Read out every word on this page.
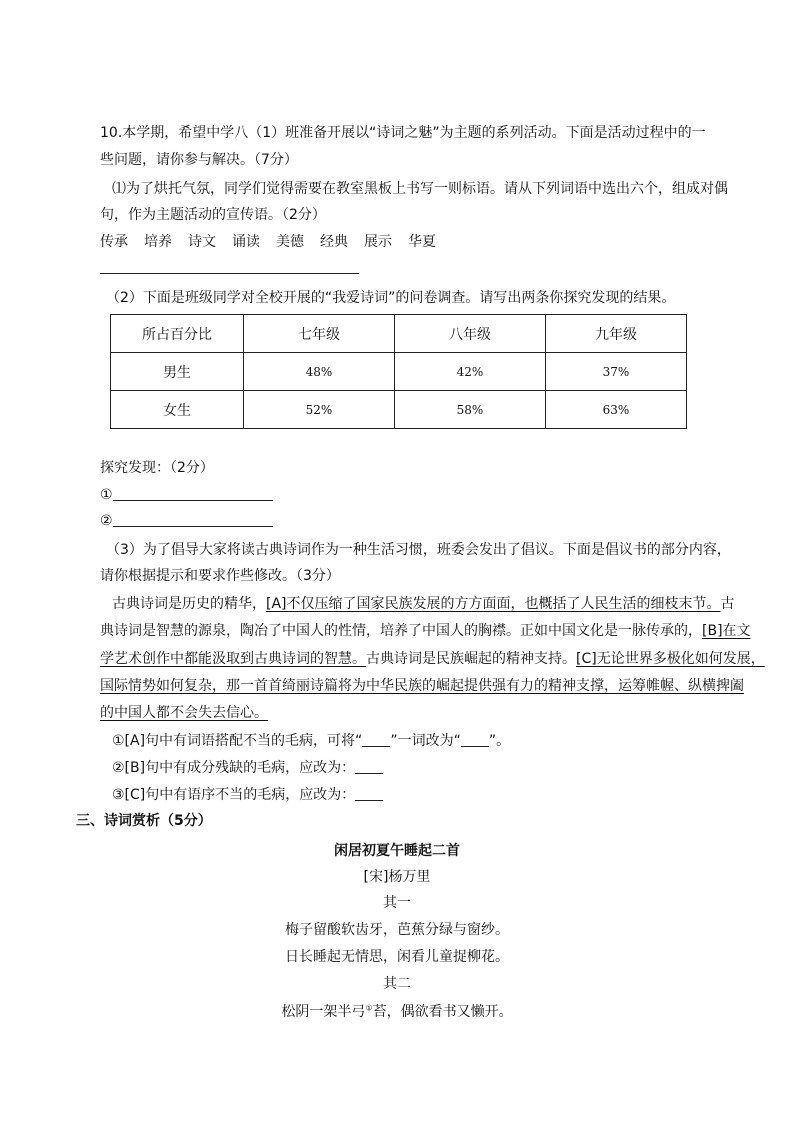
10.本学期，希望中学八（1）班准备开展以“诗词之魅”为主题的系列活动。下面是活动过程中的一
些问题，请你参与解决。（7分）
⑴为了烘托气氛，同学们觉得需要在教室黑板上书写一则标语。请从下列词语中选出六个，组成对偶
句，作为主题活动的宣传语。（2分）
传承 培养 诗文 诵读 美德 经典 展示 华夏
（2）下面是班级同学对全校开展的“我爱诗词”的问卷调查。请写出两条你探究发现的结果。
所占百分比	七年级	八年级	九年级
男生	48%	42%	37%
女生	52%	58%	63%
探究发现：（2分）
①
②
（3）为了倡导大家将读古典诗词作为一种生活习惯，班委会发出了倡议。下面是倡议书的部分内容，
请你根据提示和要求作些修改。（3分）
古典诗词是历史的精华，[A]不仅压缩了国家民族发展的方方面面，也概括了人民生活的细枝末节。古
典诗词是智慧的源泉，陶冶了中国人的性情，培养了中国人的胸襟。正如中国文化是一脉传承的，[B]在文
学艺术创作中都能汲取到古典诗词的智慧。古典诗词是民族崛起的精神支持。[C]无论世界多极化如何发展，
国际情势如何复杂，那一首首绮丽诗篇将为中华民族的崛起提供强有力的精神支撑，运筹帷幄、纵横捭阖
的中国人都不会失去信心。
①[A]句中有词语搭配不当的毛病，可将“ ”一词改为“ ”。
②[B]句中有成分残缺的毛病，应改为：
③[C]句中有语序不当的毛病，应改为：
三、诗词赏析（5分）
闲居初夏午睡起二首
[宋]杨万里
其一
梅子留酸软齿牙，芭蕉分绿与窗纱。
日长睡起无情思，闲看儿童捉柳花。
其二
松阴一架半弓①苔，偶欲看书又懒开。
